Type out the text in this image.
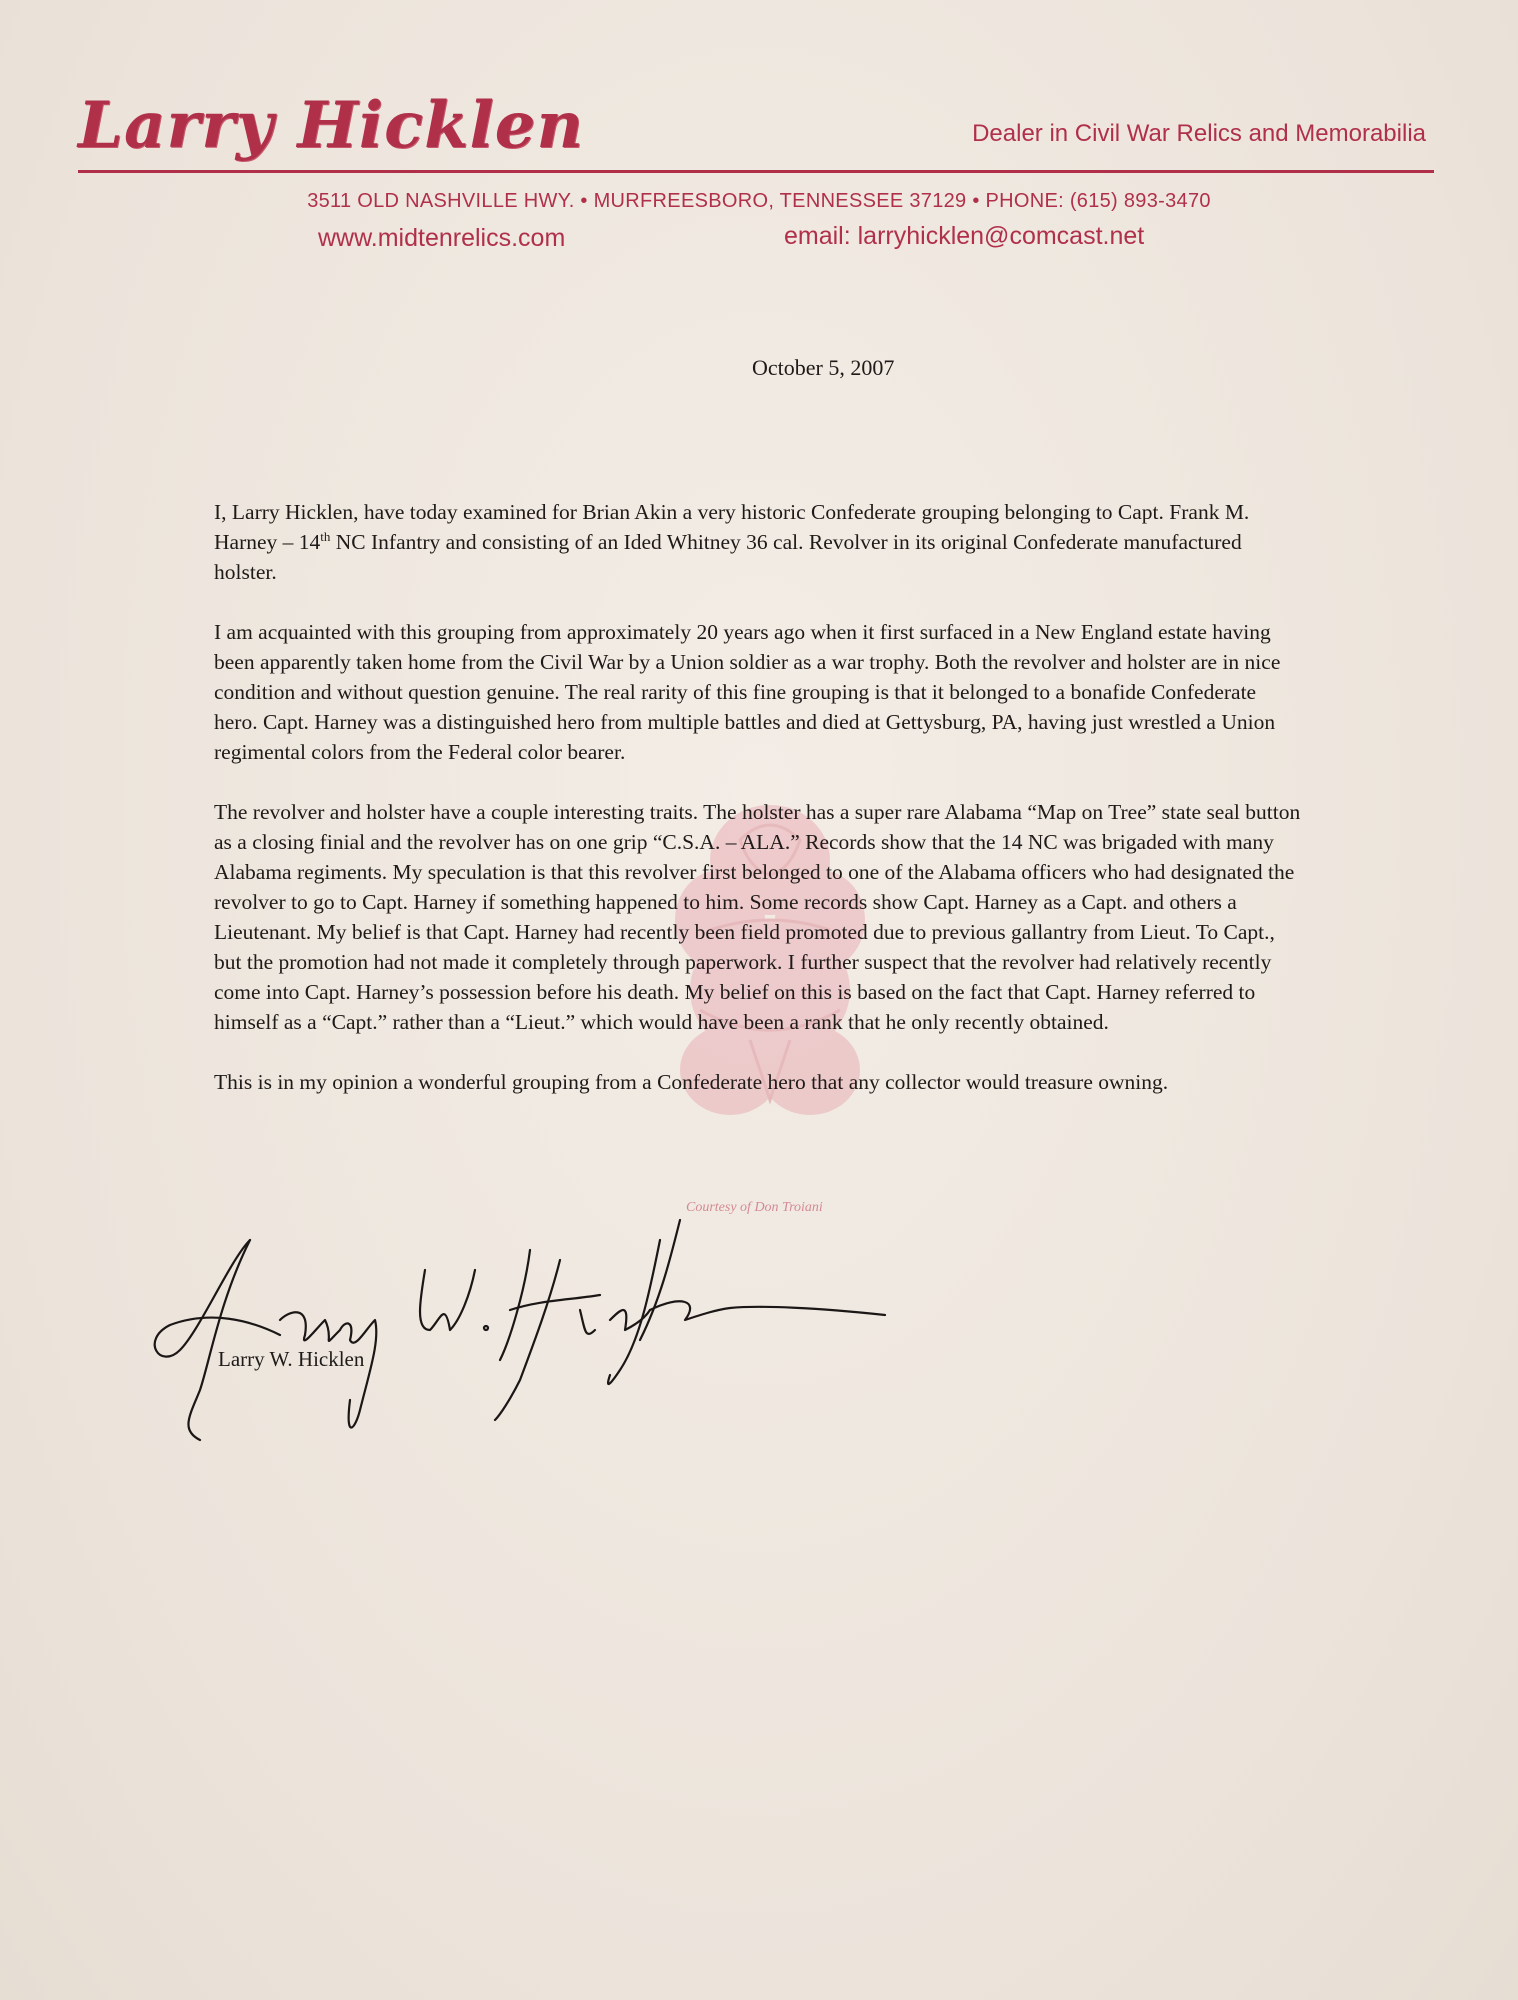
Larry Hicklen	Dealer in Civil War Relics and Memorabilia
3511 OLD NASHVILLE HWY. • MURFREESBORO, TENNESSEE 37129 • PHONE: (615) 893-3470
www.midtenrelics.com	email: larryhicklen@comcast.net
October 5, 2007

I, Larry Hicklen, have today examined for Brian Akin a very historic Confederate grouping belonging to Capt. Frank M. Harney – 14th NC Infantry and consisting of an Ided Whitney 36 cal. Revolver in its original Confederate manufactured holster.

I am acquainted with this grouping from approximately 20 years ago when it first surfaced in a New England estate having been apparently taken home from the Civil War by a Union soldier as a war trophy. Both the revolver and holster are in nice condition and without question genuine. The real rarity of this fine grouping is that it belonged to a bonafide Confederate hero. Capt. Harney was a distinguished hero from multiple battles and died at Gettysburg, PA, having just wrestled a Union regimental colors from the Federal color bearer.

The revolver and holster have a couple interesting traits. The holster has a super rare Alabama “Map on Tree” state seal button as a closing finial and the revolver has on one grip “C.S.A. – ALA.” Records show that the 14 NC was brigaded with many Alabama regiments. My speculation is that this revolver first belonged to one of the Alabama officers who had designated the revolver to go to Capt. Harney if something happened to him. Some records show Capt. Harney as a Capt. and others a Lieutenant. My belief is that Capt. Harney had recently been field promoted due to previous gallantry from Lieut. To Capt., but the promotion had not made it completely through paperwork. I further suspect that the revolver had relatively recently come into Capt. Harney’s possession before his death. My belief on this is based on the fact that Capt. Harney referred to himself as a “Capt.” rather than a “Lieut.” which would have been a rank that he only recently obtained.

This is in my opinion a wonderful grouping from a Confederate hero that any collector would treasure owning.

Courtesy of Don Troiani
Larry W. Hicklen
